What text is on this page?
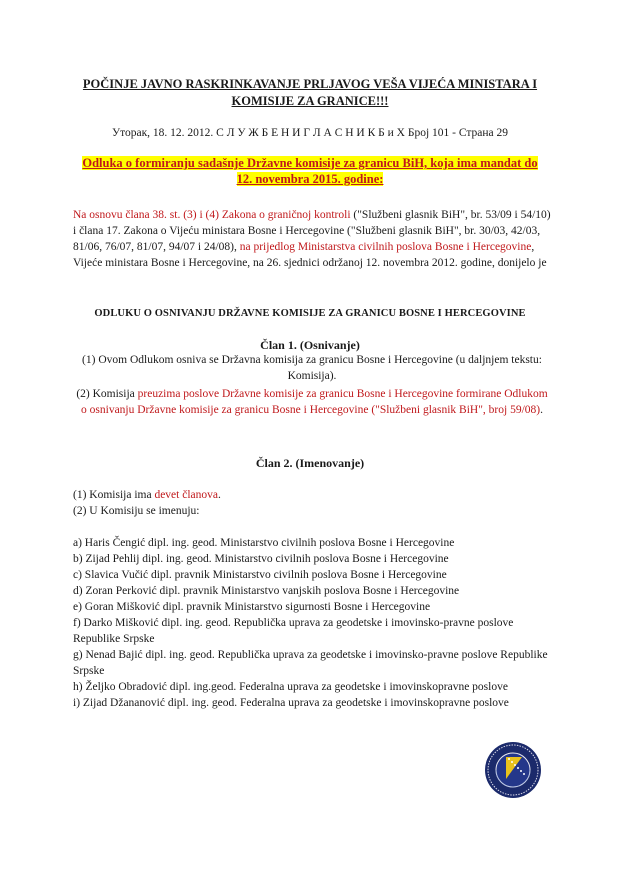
POČINJE JAVNO RASKRINKAVANJE PRLJAVOG VEŠA VIJEĆA MINISTARA I
KOMISIJE ZA GRANICE!!!
Уторак, 18. 12. 2012. С Л У Ж Б Е Н И Г Л А С Н И К Б и Х Број 101 - Страна 29
Odluka o formiranju sadašnje Državne komisije za granicu BiH, koja ima mandat do
12. novembra 2015. godine:
Na osnovu člana 38. st. (3) i (4) Zakona o graničnoj kontroli ("Službeni glasnik BiH", br. 53/09 i 54/10) i člana 17. Zakona o Vijeću ministara Bosne i Hercegovine ("Službeni glasnik BiH", br. 30/03, 42/03, 81/06, 76/07, 81/07, 94/07 i 24/08), na prijedlog Ministarstva civilnih poslova Bosne i Hercegovine, Vijeće ministara Bosne i Hercegovine, na 26. sjednici održanoj 12. novembra 2012. godine, donijelo je
ODLUKU O OSNIVANJU DRŽAVNE KOMISIJE ZA GRANICU BOSNE I HERCEGOVINE
Član 1. (Osnivanje)
(1) Ovom Odlukom osniva se Državna komisija za granicu Bosne i Hercegovine (u daljnjem tekstu: Komisija).
(2) Komisija preuzima poslove Državne komisije za granicu Bosne i Hercegovine formirane Odlukom o osnivanju Državne komisije za granicu Bosne i Hercegovine ("Službeni glasnik BiH", broj 59/08).
Član 2. (Imenovanje)
(1) Komisija ima devet članova.
(2) U Komisiju se imenuju:

a) Haris Čengić dipl. ing. geod. Ministarstvo civilnih poslova Bosne i Hercegovine

b) Zijad Pehlij dipl. ing. geod. Ministarstvo civilnih poslova Bosne i Hercegovine

c) Slavica Vučić dipl. pravnik Ministarstvo civilnih poslova Bosne i Hercegovine

d) Zoran Perković dipl. pravnik Ministarstvo vanjskih poslova Bosne i Hercegovine

e) Goran Mišković dipl. pravnik Ministarstvo sigurnosti Bosne i Hercegovine

f) Darko Mišković dipl. ing. geod. Republička uprava za geodetske i imovinsko-pravne poslove Republike Srpske

g) Nenad Bajić dipl. ing. geod. Republička uprava za geodetske i imovinsko-pravne poslove Republike Srpske

h) Željko Obradović dipl. ing.geod. Federalna uprava za geodetske i imovinskopravne poslove

i) Zijad Džananović dipl. ing. geod. Federalna uprava za geodetske i imovinskopravne poslove
